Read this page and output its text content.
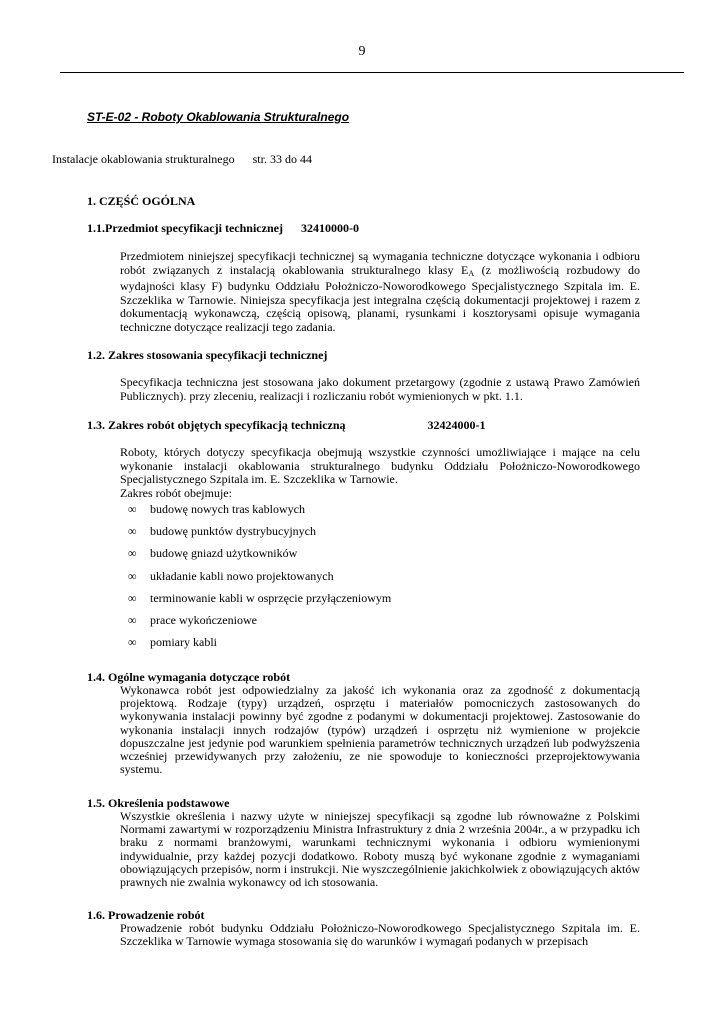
9
ST-E-02 - Roboty Okablowania Strukturalnego
Instalacje okablowania strukturalnego str. 33 do 44
1. CZĘŚĆ OGÓLNA
1.1.Przedmiot specyfikacji technicznej 32410000-0
Przedmiotem niniejszej specyfikacji technicznej są wymagania techniczne dotyczące wykonania i odbioru robót związanych z instalacją okablowania strukturalnego klasy $E_A$ (z możliwością rozbudowy do wydajności klasy F) budynku Oddziału Położniczo-Noworodkowego Specjalistycznego Szpitala im. E. Szczeklika w Tarnowie. Niniejsza specyfikacja jest integralna częścią dokumentacji projektowej i razem z dokumentacją wykonawczą, częścią opisową, planami, rysunkami i kosztorysami opisuje wymagania techniczne dotyczące realizacji tego zadania.
1.2. Zakres stosowania specyfikacji technicznej
Specyfikacja techniczna jest stosowana jako dokument przetargowy (zgodnie z ustawą Prawo Zamówień Publicznych). przy zleceniu, realizacji i rozliczaniu robót wymienionych w pkt. 1.1.
1.3. Zakres robót objętych specyfikacją techniczną	32424000-1
Roboty, których dotyczy specyfikacja obejmują wszystkie czynności umożliwiające i mające na celu wykonanie instalacji okablowania strukturalnego budynku Oddziału Położniczo-Noworodkowego Specjalistycznego Szpitala im. E. Szczeklika w Tarnowie.
Zakres robót obejmuje:
∞	budowę nowych tras kablowych
∞	budowę punktów dystrybucyjnych
∞	budowę gniazd użytkowników
∞	układanie kabli nowo projektowanych
∞	terminowanie kabli w osprzęcie przyłączeniowym
∞	prace wykończeniowe
∞	pomiary kabli
1.4. Ogólne wymagania dotyczące robót
Wykonawca robót jest odpowiedzialny za jakość ich wykonania oraz za zgodność z dokumentacją projektową. Rodzaje (typy) urządzeń, osprzętu i materiałów pomocniczych zastosowanych do wykonywania instalacji powinny być zgodne z podanymi w dokumentacji projektowej. Zastosowanie do wykonania instalacji innych rodzajów (typów) urządzeń i osprzętu niż wymienione w projekcie dopuszczalne jest jedynie pod warunkiem spełnienia parametrów technicznych urządzeń lub podwyższenia wcześniej przewidywanych przy założeniu, ze nie spowoduje to konieczności przeprojektowywania systemu.
1.5. Określenia podstawowe
Wszystkie określenia i nazwy użyte w niniejszej specyfikacji są zgodne lub równoważne z Polskimi Normami zawartymi w rozporządzeniu Ministra Infrastruktury z dnia 2 września 2004r., a w przypadku ich braku z normami branżowymi, warunkami technicznymi wykonania i odbioru wymienionymi indywidualnie, przy każdej pozycji dodatkowo. Roboty muszą być wykonane zgodnie z wymaganiami obowiązujących przepisów, norm i instrukcji. Nie wyszczególnienie jakichkolwiek z obowiązujących aktów prawnych nie zwalnia wykonawcy od ich stosowania.
1.6. Prowadzenie robót
Prowadzenie robót budynku Oddziału Położniczo-Noworodkowego Specjalistycznego Szpitala im. E. Szczeklika w Tarnowie wymaga stosowania się do warunków i wymagań podanych w przepisach
